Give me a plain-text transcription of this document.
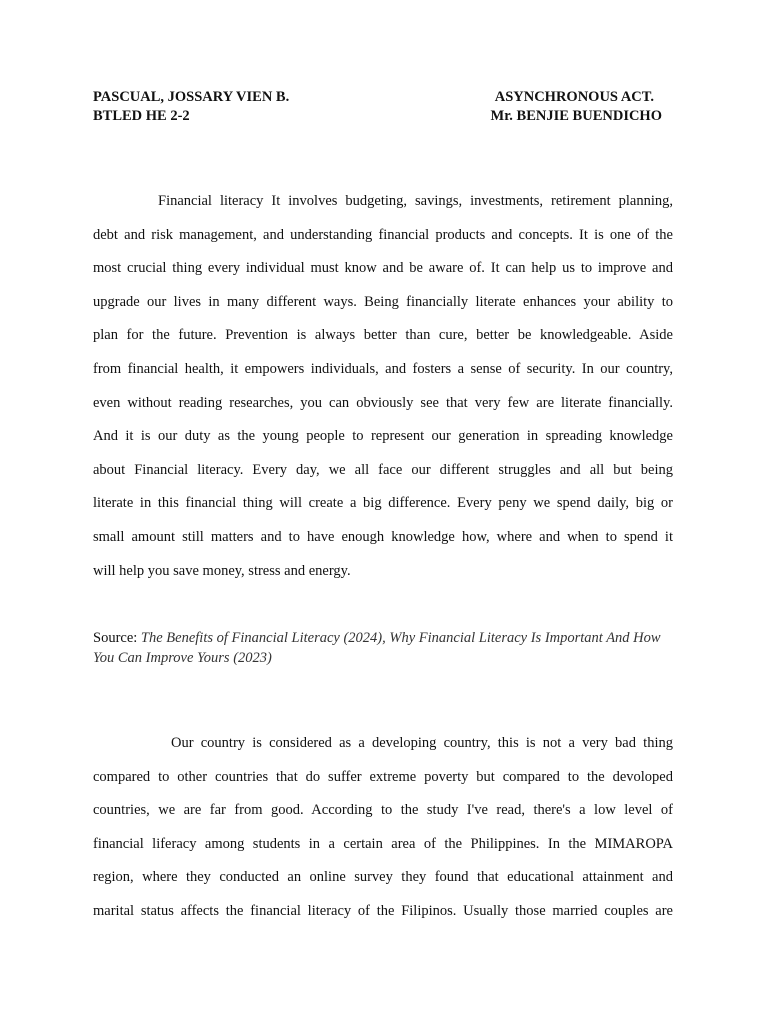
PASCUAL, JOSSARY VIEN B.	ASYNCHRONOUS ACT.
BTLED HE 2-2	Mr. BENJIE BUENDICHO
Financial literacy It involves budgeting, savings, investments, retirement planning,
debt and risk management, and understanding financial products and concepts. It is one of the
most crucial thing every individual must know and be aware of. It can help us to improve and
upgrade our lives in many different ways. Being financially literate enhances your ability to
plan for the future. Prevention is always better than cure, better be knowledgeable. Aside
from financial health, it empowers individuals, and fosters a sense of security. In our country,
even without reading researches, you can obviously see that very few are literate financially.
And it is our duty as the young people to represent our generation in spreading knowledge
about Financial literacy. Every day, we all face our different struggles and all but being
literate in this financial thing will create a big difference. Every peny we spend daily, big or
small amount still matters and to have enough knowledge how, where and when to spend it
will help you save money, stress and energy.
Source: The Benefits of Financial Literacy (2024), Why Financial Literacy Is Important And How You Can Improve Yours (2023)
Our country is considered as a developing country, this is not a very bad thing
compared to other countries that do suffer extreme poverty but compared to the devoloped
countries, we are far from good. According to the study I've read, there's a low level of
financial liferacy among students in a certain area of the Philippines. In the MIMAROPA
region, where they conducted an online survey they found that educational attainment and
marital status affects the financial literacy of the Filipinos. Usually those married couples are
